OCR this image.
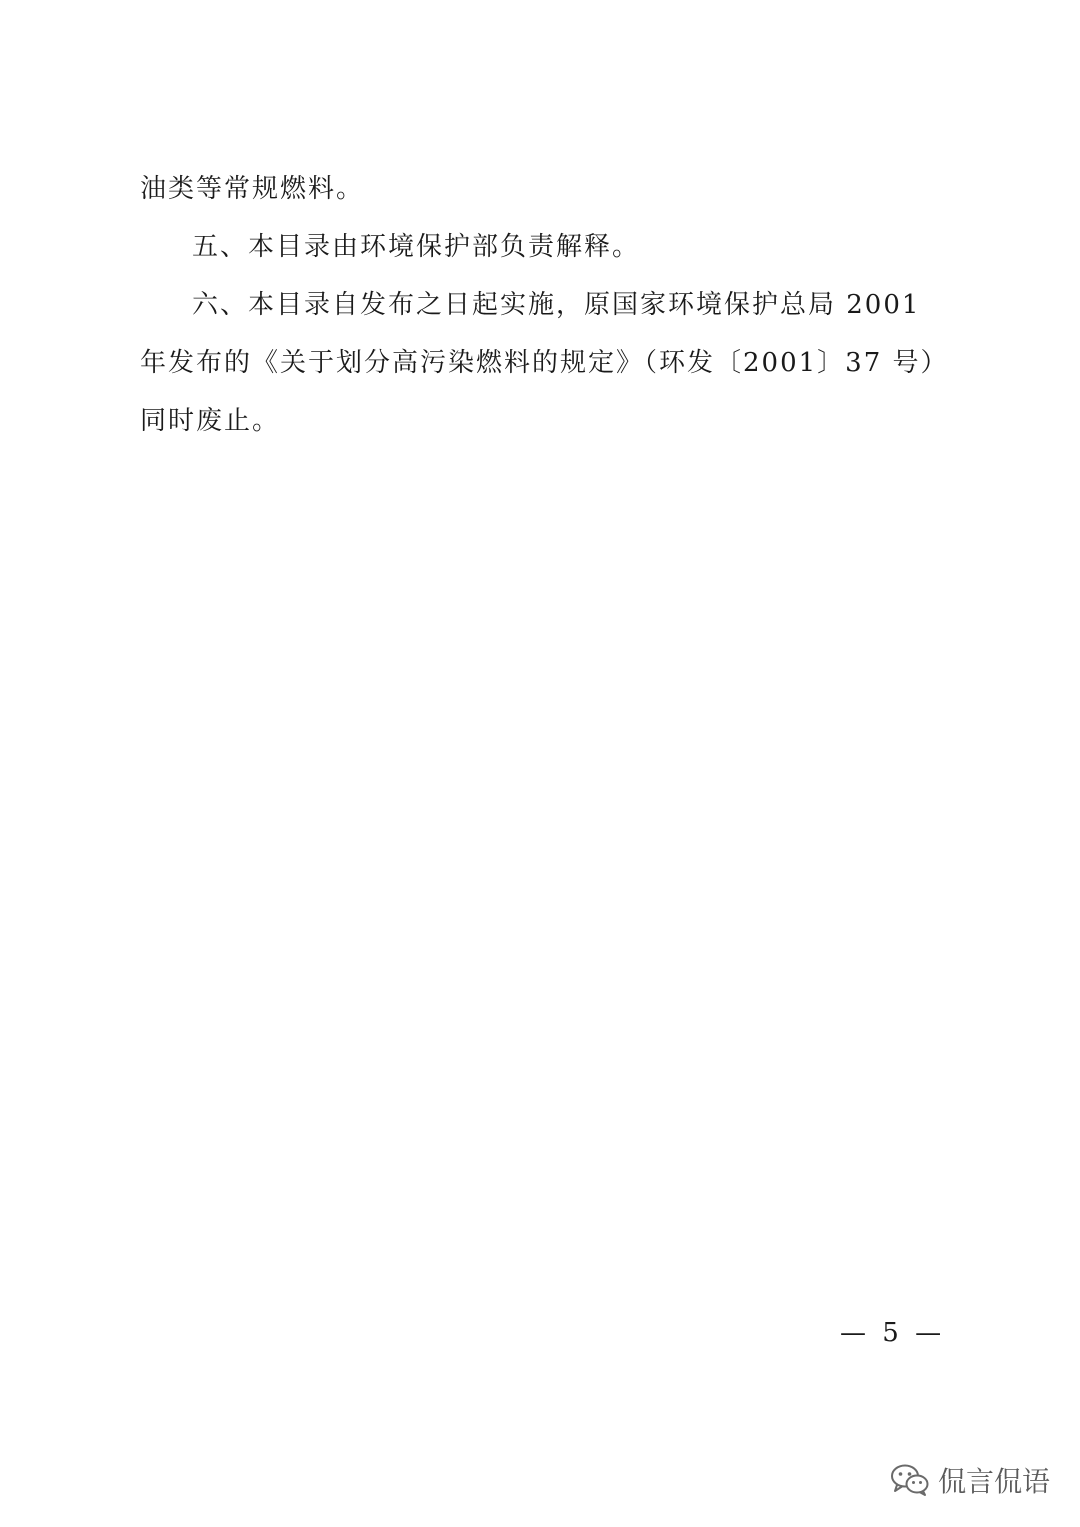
油类等常规燃料。

五、本目录由环境保护部负责解释。

六、本目录自发布之日起实施，原国家环境保护总局 2001 年发布的《关于划分高污染燃料的规定》（环发〔2001〕37 号）同时废止。

— 5 —
侃言侃语
